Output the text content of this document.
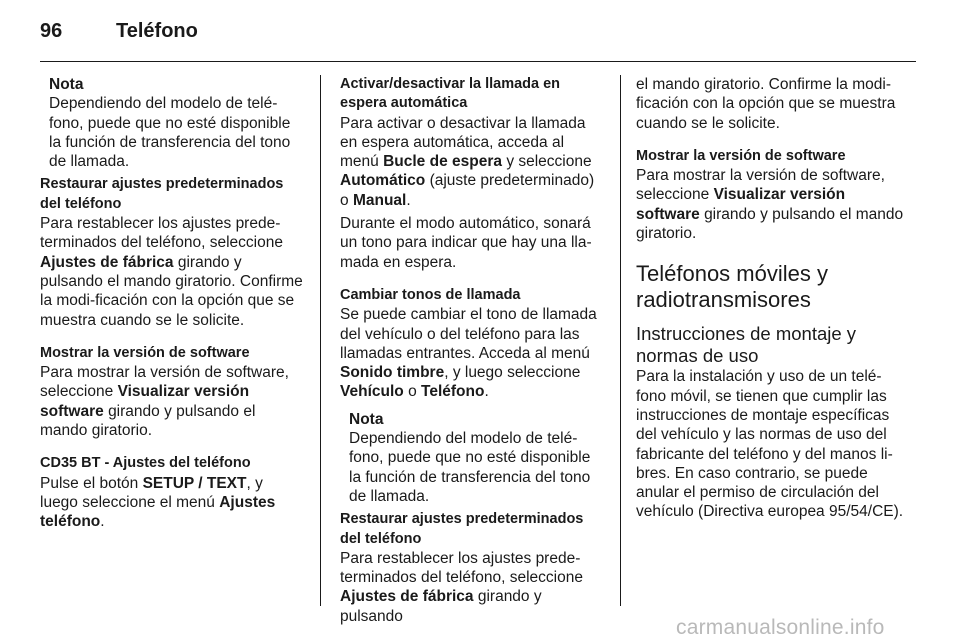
96	Teléfono
Nota
Dependiendo del modelo de telé-fono, puede que no esté disponible la función de transferencia del tono de llamada.
Restaurar ajustes predeterminados del teléfono

Para restablecer los ajustes prede-terminados del teléfono, seleccione Ajustes de fábrica girando y pulsando el mando giratorio. Confirme la modi-ficación con la opción que se muestra cuando se le solicite.

Mostrar la versión de software

Para mostrar la versión de software, seleccione Visualizar versión software girando y pulsando el mando giratorio.

CD35 BT - Ajustes del teléfono

Pulse el botón SETUP / TEXT, y luego seleccione el menú Ajustes teléfono.

Activar/desactivar la llamada en espera automática

Para activar o desactivar la llamada en espera automática, acceda al menú Bucle de espera y seleccione Automático (ajuste predeterminado) o Manual.

Durante el modo automático, sonará un tono para indicar que hay una lla-mada en espera.

Cambiar tonos de llamada

Se puede cambiar el tono de llamada del vehículo o del teléfono para las llamadas entrantes. Acceda al menú Sonido timbre, y luego seleccione Vehículo o Teléfono.

Nota
Dependiendo del modelo de telé-fono, puede que no esté disponible la función de transferencia del tono de llamada.
Restaurar ajustes predeterminados del teléfono

Para restablecer los ajustes prede-terminados del teléfono, seleccione Ajustes de fábrica girando y pulsando

el mando giratorio. Confirme la modi-ficación con la opción que se muestra cuando se le solicite.

Mostrar la versión de software

Para mostrar la versión de software, seleccione Visualizar versión software girando y pulsando el mando giratorio.

Teléfonos móviles y radiotransmisores
Instrucciones de montaje y normas de uso

Para la instalación y uso de un telé-fono móvil, se tienen que cumplir las instrucciones de montaje específicas del vehículo y las normas de uso del fabricante del teléfono y del manos li-bres. En caso contrario, se puede anular el permiso de circulación del vehículo (Directiva europea 95/54/CE).

carmanualsonline.info
